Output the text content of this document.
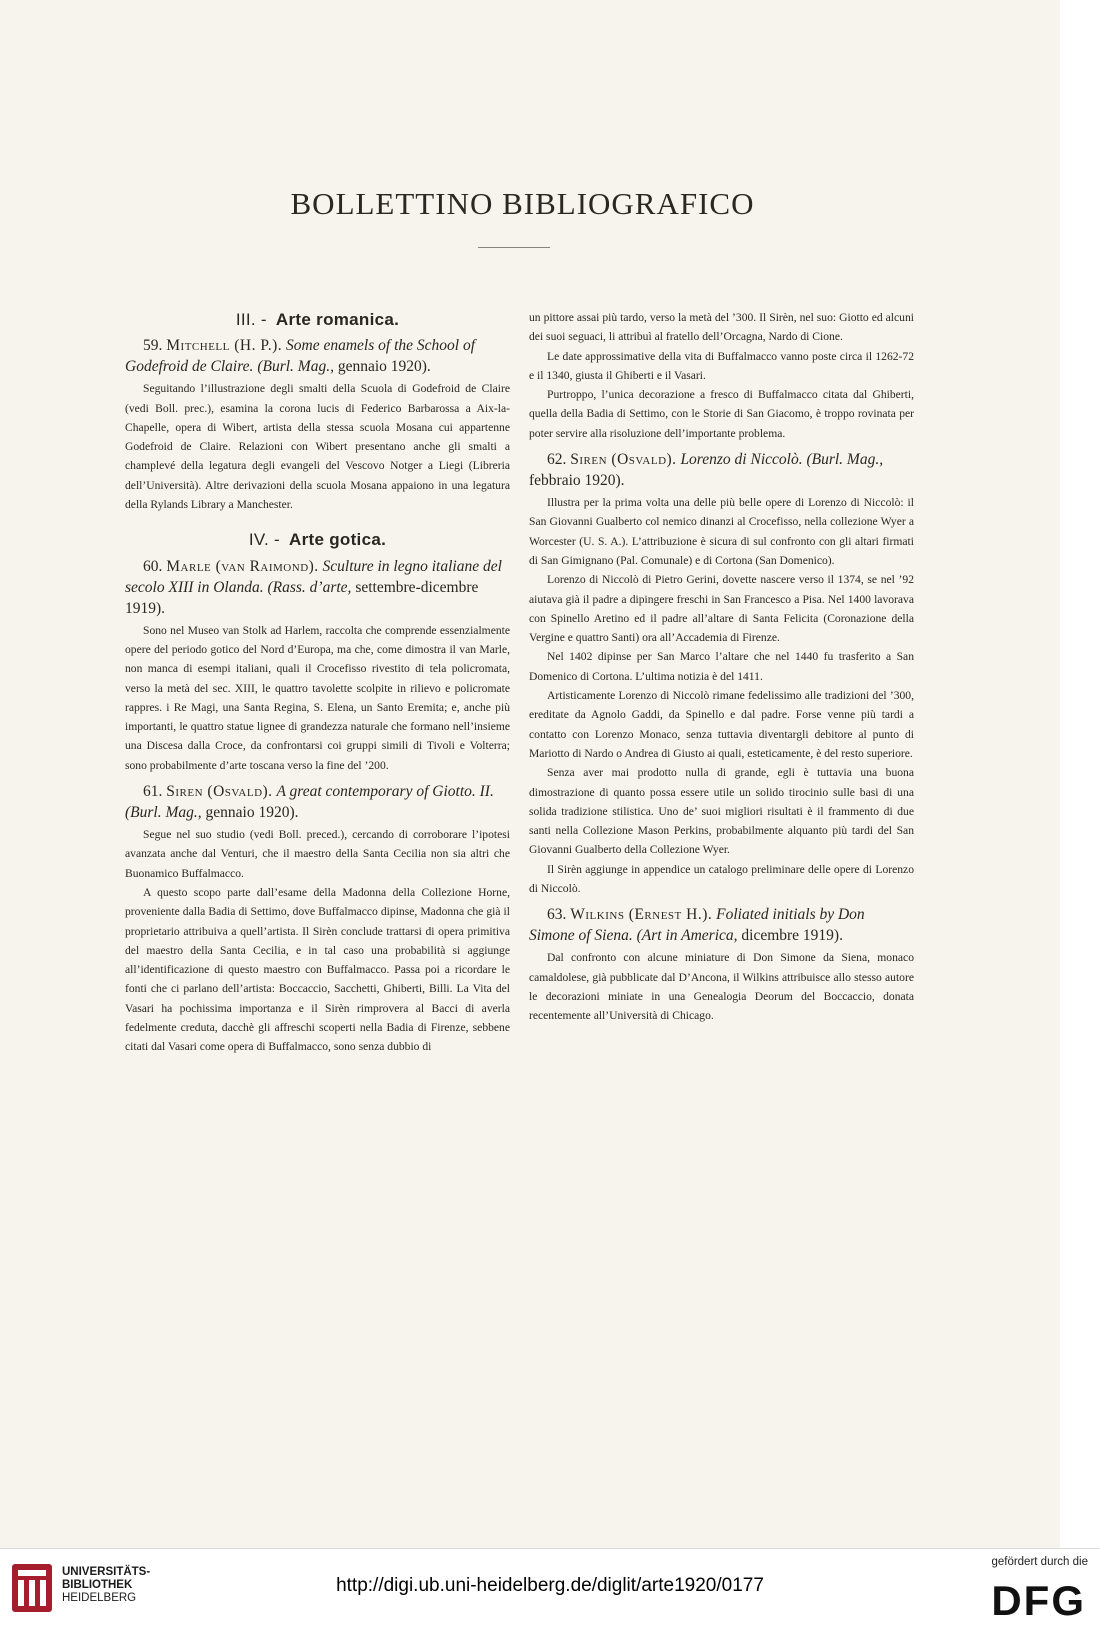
BOLLETTINO BIBLIOGRAFICO
III. - Arte romanica.
59. Mitchell (H. P.). Some enamels of the School of Godefroid de Claire. (Burl. Mag., gennaio 1920).

Seguitando l’illustrazione degli smalti della Scuola di Godefroid de Claire (vedi Boll. prec.), esamina la corona lucis di Federico Barbarossa a Aix-la-Chapelle, opera di Wibert, artista della stessa scuola Mosana cui appartenne Godefroid de Claire. Relazioni con Wibert presentano anche gli smalti a champlevé della legatura degli evangeli del Vescovo Notger a Liegi (Libreria dell’Università). Altre derivazioni della scuola Mosana appaiono in una legatura della Rylands Library a Manchester.

IV. - Arte gotica.
60. Marle (van Raimond). Sculture in legno italiane del secolo XIII in Olanda. (Rass. d’arte, settembre-dicembre 1919).

Sono nel Museo van Stolk ad Harlem, raccolta che comprende essenzialmente opere del periodo gotico del Nord d’Europa, ma che, come dimostra il van Marle, non manca di esempi italiani, quali il Crocefisso rivestito di tela policromata, verso la metà del sec. XIII, le quattro tavolette scolpite in rilievo e policromate rappres. i Re Magi, una Santa Regina, S. Elena, un Santo Eremita; e, anche più importanti, le quattro statue lignee di grandezza naturale che formano nell’insieme una Discesa dalla Croce, da confrontarsi coi gruppi simili di Tivoli e Volterra; sono probabilmente d’arte toscana verso la fine del ’200.

61. Siren (Osvald). A great contemporary of Giotto. II. (Burl. Mag., gennaio 1920).

Segue nel suo studio (vedi Boll. preced.), cercando di corroborare l’ipotesi avanzata anche dal Venturi, che il maestro della Santa Cecilia non sia altri che Buonamico Buffalmacco.

A questo scopo parte dall’esame della Madonna della Collezione Horne, proveniente dalla Badia di Settimo, dove Buffalmacco dipinse, Madonna che già il proprietario attribuiva a quell’artista. Il Sirèn conclude trattarsi di opera primitiva del maestro della Santa Cecilia, e in tal caso una probabilità si aggiunge all’identificazione di questo maestro con Buffalmacco. Passa poi a ricordare le fonti che ci parlano dell’artista: Boccaccio, Sacchetti, Ghiberti, Billi. La Vita del Vasari ha pochissima importanza e il Sirèn rimprovera al Bacci di averla fedelmente creduta, dacchè gli affreschi scoperti nella Badia di Firenze, sebbene citati dal Vasari come opera di Buffalmacco, sono senza dubbio di

un pittore assai più tardo, verso la metà del ’300. Il Sirèn, nel suo: Giotto ed alcuni dei suoi seguaci, li attribuì al fratello dell’Orcagna, Nardo di Cione.

Le date approssimative della vita di Buffalmacco vanno poste circa il 1262-72 e il 1340, giusta il Ghiberti e il Vasari.

Purtroppo, l’unica decorazione a fresco di Buffalmacco citata dal Ghiberti, quella della Badia di Settimo, con le Storie di San Giacomo, è troppo rovinata per poter servire alla risoluzione dell’importante problema.

62. Siren (Osvald). Lorenzo di Niccolò. (Burl. Mag., febbraio 1920).

Illustra per la prima volta una delle più belle opere di Lorenzo di Niccolò: il San Giovanni Gualberto col nemico dinanzi al Crocefisso, nella collezione Wyer a Worcester (U. S. A.). L’attribuzione è sicura di sul confronto con gli altari firmati di San Gimignano (Pal. Comunale) e di Cortona (San Domenico).

Lorenzo di Niccolò di Pietro Gerini, dovette nascere verso il 1374, se nel ’92 aiutava già il padre a dipingere freschi in San Francesco a Pisa. Nel 1400 lavorava con Spinello Aretino ed il padre all’altare di Santa Felicita (Coronazione della Vergine e quattro Santi) ora all’Accademia di Firenze.

Nel 1402 dipinse per San Marco l’altare che nel 1440 fu trasferito a San Domenico di Cortona. L’ultima notizia è del 1411.

Artisticamente Lorenzo di Niccolò rimane fedelissimo alle tradizioni del ’300, ereditate da Agnolo Gaddi, da Spinello e dal padre. Forse venne più tardi a contatto con Lorenzo Monaco, senza tuttavia diventargli debitore al punto di Mariotto di Nardo o Andrea di Giusto ai quali, esteticamente, è del resto superiore.

Senza aver mai prodotto nulla di grande, egli è tuttavia una buona dimostrazione di quanto possa essere utile un solido tirocinio sulle basi di una solida tradizione stilistica. Uno de’ suoi migliori risultati è il frammento di due santi nella Collezione Mason Perkins, probabilmente alquanto più tardi del San Giovanni Gualberto della Collezione Wyer.

Il Sirèn aggiunge in appendice un catalogo preliminare delle opere di Lorenzo di Niccolò.

63. Wilkins (Ernest H.). Foliated initials by Don Simone of Siena. (Art in America, dicembre 1919).

Dal confronto con alcune miniature di Don Simone da Siena, monaco camaldolese, già pubblicate dal D’Ancona, il Wilkins attribuisce allo stesso autore le decorazioni miniate in una Genealogia Deorum del Boccaccio, donata recentemente all’Università di Chicago.

UNIVERSITÄTS-
BIBLIOTHEK
HEIDELBERG
http://digi.ub.uni-heidelberg.de/diglit/arte1920/0177
gefördert durch die
DFG
